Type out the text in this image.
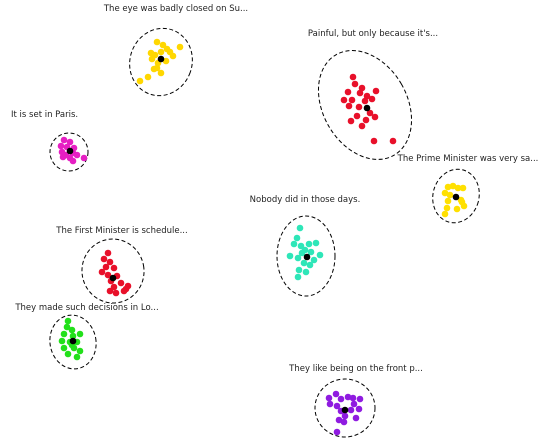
The eye was badly closed on Su...
Painful, but only because it's...
It is set in Paris.
The Prime Minister was very sa...
Nobody did in those days.
The First Minister is schedule...
They made such decisions in Lo...
They like being on the front p...
